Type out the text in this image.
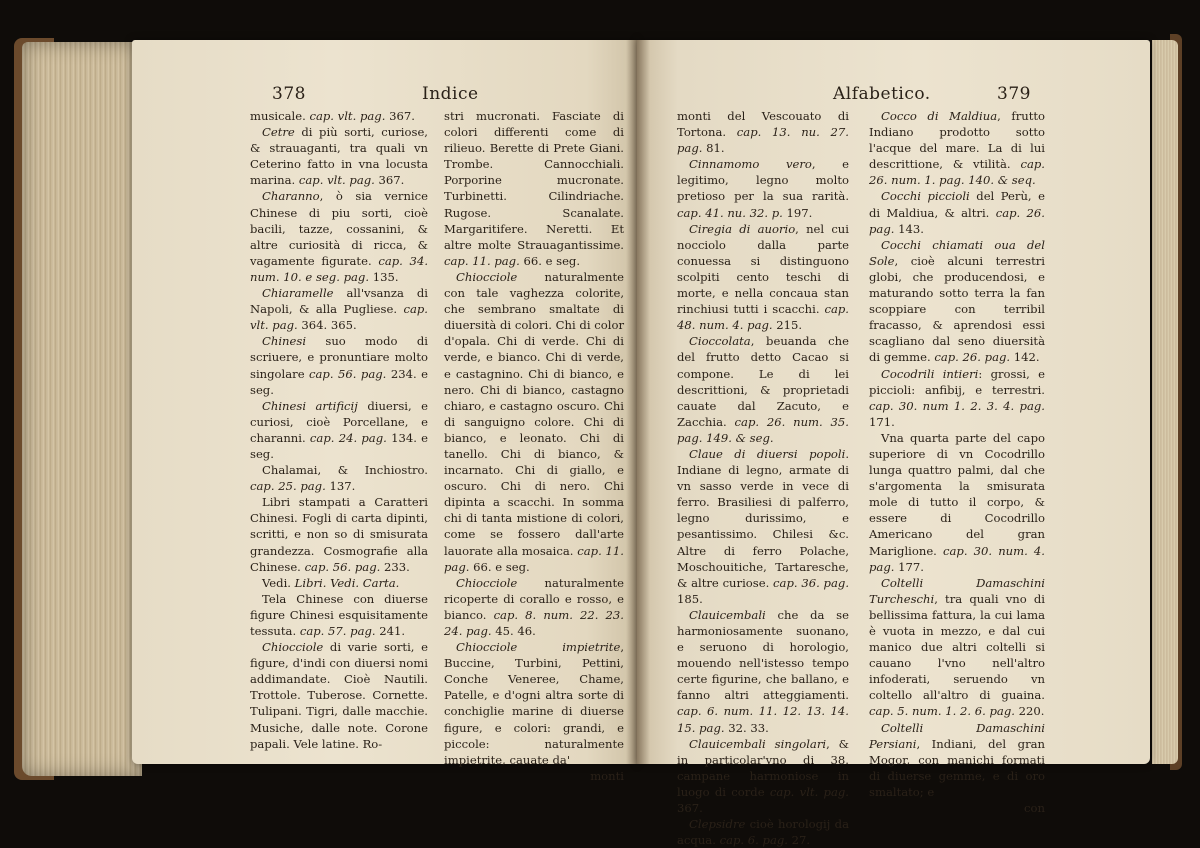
378	Indice

musicale. cap. vlt. pag. 367.

Cetre di più sorti, curiose, & strauaganti, tra quali vn Ceterino fatto in vna locusta marina. cap. vlt. pag. 367.

Charanno, ò sia vernice Chinese di piu sorti, cioè bacili, tazze, cossanini, & altre curiosità di ricca, & vagamente figurate. cap. 34. num. 10. e seg. pag. 135.

Chiaramelle all'vsanza di Napoli, & alla Pugliese. cap. vlt. pag. 364. 365.

Chinesi suo modo di scriuere, e pronuntiare molto singolare cap. 56. pag. 234. e seg.

Chinesi artificij diuersi, e curiosi, cioè Porcellane, e charanni. cap. 24. pag. 134. e seg.

Chalamai, & Inchiostro. cap. 25. pag. 137.

Libri stampati a Caratteri Chinesi. Fogli di carta dipinti, scritti, e non so di smisurata grandezza. Cosmografie alla Chinese. cap. 56. pag. 233.

Vedi. Libri. Vedi. Carta.

Tela Chinese con diuerse figure Chinesi esquisitamente tessuta. cap. 57. pag. 241.

Chiocciole di varie sorti, e figure, d'indi con diuersi nomi addimandate. Cioè Nautili. Trottole. Tuberose. Cornette. Tulipani. Tigri, dalle macchie. Musiche, dalle note. Corone papali. Vele latine. Ro-

stri mucronati. Fasciate di colori differenti come di rilieuo. Berette di Prete Giani. Trombe. Cannocchiali. Porporine mucronate. Turbinetti. Cilindriache. Rugose. Scanalate. Margaritifere. Neretti. Et altre molte Strauagantissime. cap. 11. pag. 66. e seg.

Chiocciole naturalmente con tale vaghezza colorite, che sembrano smaltate di diuersità di colori. Chi di color d'opala. Chi di verde. Chi di verde, e bianco. Chi di verde, e castagnino. Chi di bianco, e nero. Chi di bianco, castagno chiaro, e castagno oscuro. Chi di sanguigno colore. Chi di bianco, e leonato. Chi di tanello. Chi di bianco, & incarnato. Chi di giallo, e oscuro. Chi di nero. Chi dipinta a scacchi. In somma chi di tanta mistione di colori, come se fossero dall'arte lauorate alla mosaica. cap. 11. pag. 66. e seg.

Chiocciole naturalmente ricoperte di corallo e rosso, e bianco. cap. 8. num. 22. 23. 24. pag. 45. 46.

Chiocciole impietrite, Buccine, Turbini, Pettini, Conche Veneree, Chame, Patelle, e d'ogni altra sorte di conchiglie marine di diuerse figure, e colori: grandi, e piccole: naturalmente impietrite, cauate da'

monti

Alfabetico.	379

monti del Vescouato di Tortona. cap. 13. nu. 27. pag. 81.

Cinnamomo vero, e legitimo, legno molto pretioso per la sua rarità. cap. 41. nu. 32. p. 197.

Ciregia di auorio, nel cui nocciolo dalla parte conuessa si distinguono scolpiti cento teschi di morte, e nella concaua stan rinchiusi tutti i scacchi. cap. 48. num. 4. pag. 215.

Cioccolata, beuanda che del frutto detto Cacao si compone. Le di lei descrittioni, & proprietadi cauate dal Zacuto, e Zacchia. cap. 26. num. 35. pag. 149. & seg.

Claue di diuersi popoli. Indiane di legno, armate di vn sasso verde in vece di ferro. Brasiliesi di palferro, legno durissimo, e pesantissimo. Chilesi &c. Altre di ferro Polache, Moschouitiche, Tartaresche, & altre curiose. cap. 36. pag. 185.

Clauicembali che da se harmoniosamente suonano, e seruono di horologio, mouendo nell'istesso tempo certe figurine, che ballano, e fanno altri atteggiamenti. cap. 6. num. 11. 12. 13. 14. 15. pag. 32. 33.

Clauicembali singolari, & in particolar'vno di 38. campane harmoniose in luogo di corde cap. vlt. pag. 367.

Clepsidre cioè horologij da acqua. cap. 6. pag. 27.

Cocco di Maldiua, frutto Indiano prodotto sotto l'acque del mare. La di lui descrittione, & vtilità. cap. 26. num. 1. pag. 140. & seq.

Cocchi piccioli del Perù, e di Maldiua, & altri. cap. 26. pag. 143.

Cocchi chiamati oua del Sole, cioè alcuni terrestri globi, che producendosi, e maturando sotto terra la fan scoppiare con terribil fracasso, & aprendosi essi scagliano dal seno diuersità di gemme. cap. 26. pag. 142.

Cocodrili intieri: grossi, e piccioli: anfibij, e terrestri. cap. 30. num 1. 2. 3. 4. pag. 171.

Vna quarta parte del capo superiore di vn Cocodrillo lunga quattro palmi, dal che s'argomenta la smisurata mole di tutto il corpo, & essere di Cocodrillo Americano del gran Mariglione. cap. 30. num. 4. pag. 177.

Coltelli Damaschini Turcheschi, tra quali vno di bellissima fattura, la cui lama è vuota in mezzo, e dal cui manico due altri coltelli si cauano l'vno nell'altro infoderati, seruendo vn coltello all'altro di guaina. cap. 5. num. 1. 2. 6. pag. 220.

Coltelli Damaschini Persiani, Indiani, del gran Mogor, con manichi formati di diuerse gemme, e di oro smaltato; e

con
